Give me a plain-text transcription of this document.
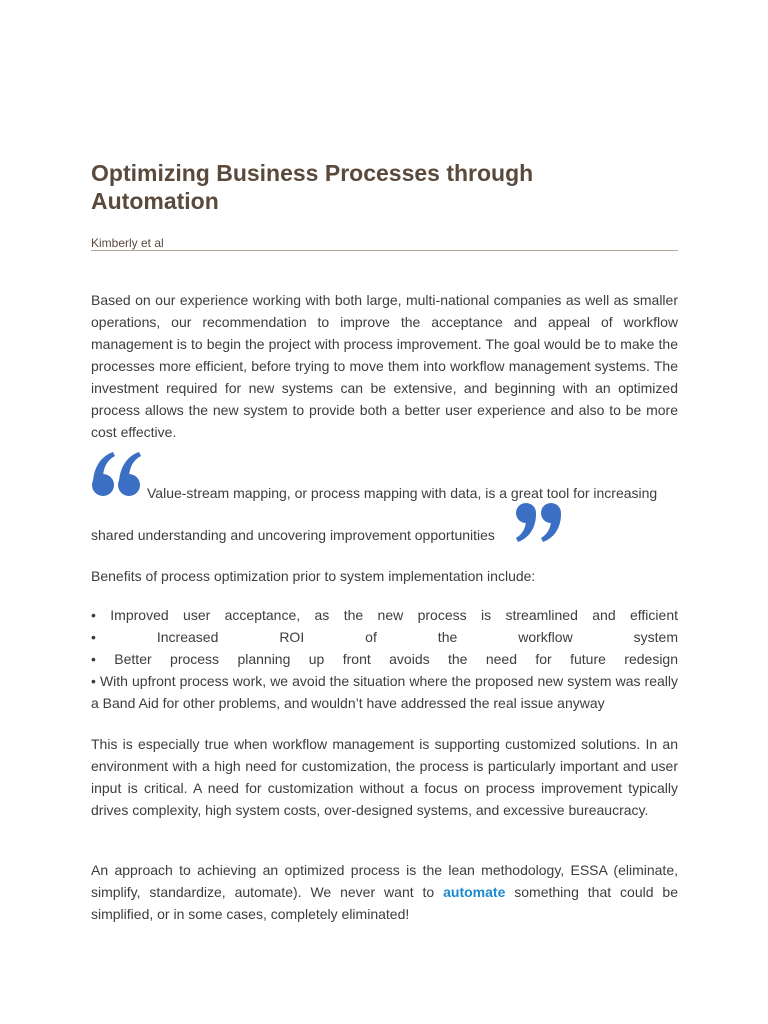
Optimizing Business Processes through Automation
Kimberly et al

Based on our experience working with both large, multi-national companies as well as smaller operations, our recommendation to improve the acceptance and appeal of workflow management is to begin the project with process improvement. The goal would be to make the processes more efficient, before trying to move them into workflow management systems. The investment required for new systems can be extensive, and beginning with an optimized process allows the new system to provide both a better user experience and also to be more cost effective.

Value-stream mapping, or process mapping with data, is a great tool for increasing
shared understanding and uncovering improvement opportunities
Benefits of process optimization prior to system implementation include:
• Improved user acceptance, as the new process is streamlined and efficient
• Increased ROI of the workflow system
• Better process planning up front avoids the need for future redesign
• With upfront process work, we avoid the situation where the proposed new system was really a Band Aid for other problems, and wouldn’t have addressed the real issue anyway

This is especially true when workflow management is supporting customized solutions. In an environment with a high need for customization, the process is particularly important and user input is critical. A need for customization without a focus on process improvement typically drives complexity, high system costs, over-designed systems, and excessive bureaucracy.

An approach to achieving an optimized process is the lean methodology, ESSA (eliminate, simplify, standardize, automate). We never want to automate something that could be simplified, or in some cases, completely eliminated!
